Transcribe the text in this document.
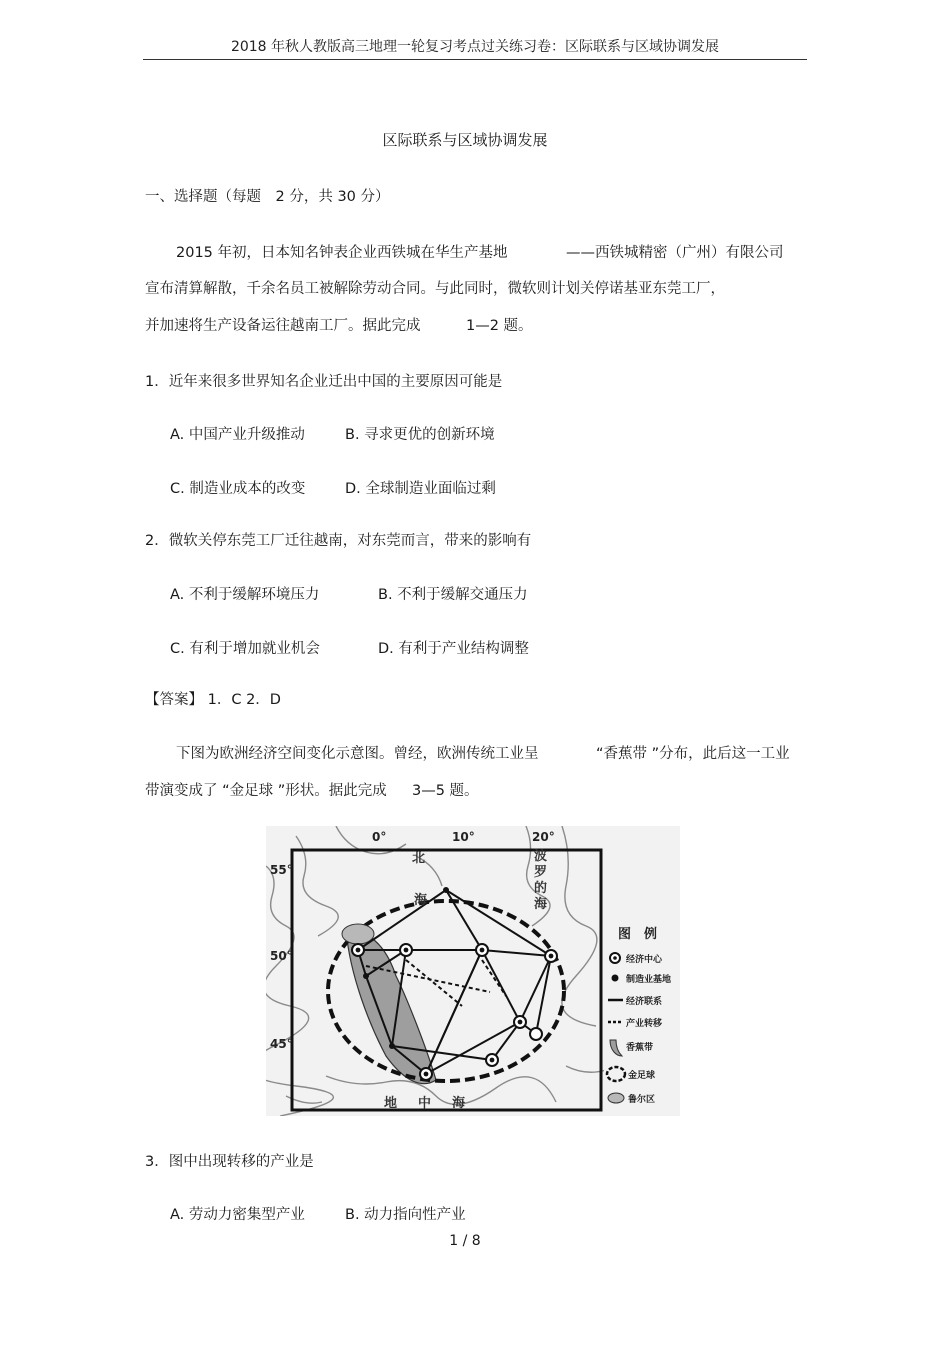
2018 年秋人教版高三地理一轮复习考点过关练习卷：区际联系与区域协调发展
区际联系与区域协调发展
一、选择题（每题　2 分，共 30 分）
2015 年初，日本知名钟表企业西铁城在华生产基地	——西铁城精密（广州）有限公司
宣布清算解散，千余名员工被解除劳动合同。与此同时，微软则计划关停诺基亚东莞工厂，
并加速将生产设备运往越南工厂。据此完成	1—2 题。
1．近年来很多世界知名企业迁出中国的主要原因可能是
A. 中国产业升级推动	B. 寻求更优的创新环境
C. 制造业成本的改变	D. 全球制造业面临过剩
2．微软关停东莞工厂迁往越南，对东莞而言，带来的影响有
A. 不利于缓解环境压力	B. 不利于缓解交通压力
C. 有利于增加就业机会	D. 有利于产业结构调整
【答案】 1．C 2．D
下图为欧洲经济空间变化示意图。曾经，欧洲传统工业呈	“香蕉带 ”分布，此后这一工业
带演变成了 “金足球 ”形状。据此完成 3—5 题。
0°	10°	20°
55°
50°
45°
北
海
波
罗
的
海
地 中 海
图　例
经济中心
制造业基地
经济联系
产业转移
香蕉带
金足球
鲁尔区
3．图中出现转移的产业是
A. 劳动力密集型产业	B. 动力指向性产业
1 / 8
